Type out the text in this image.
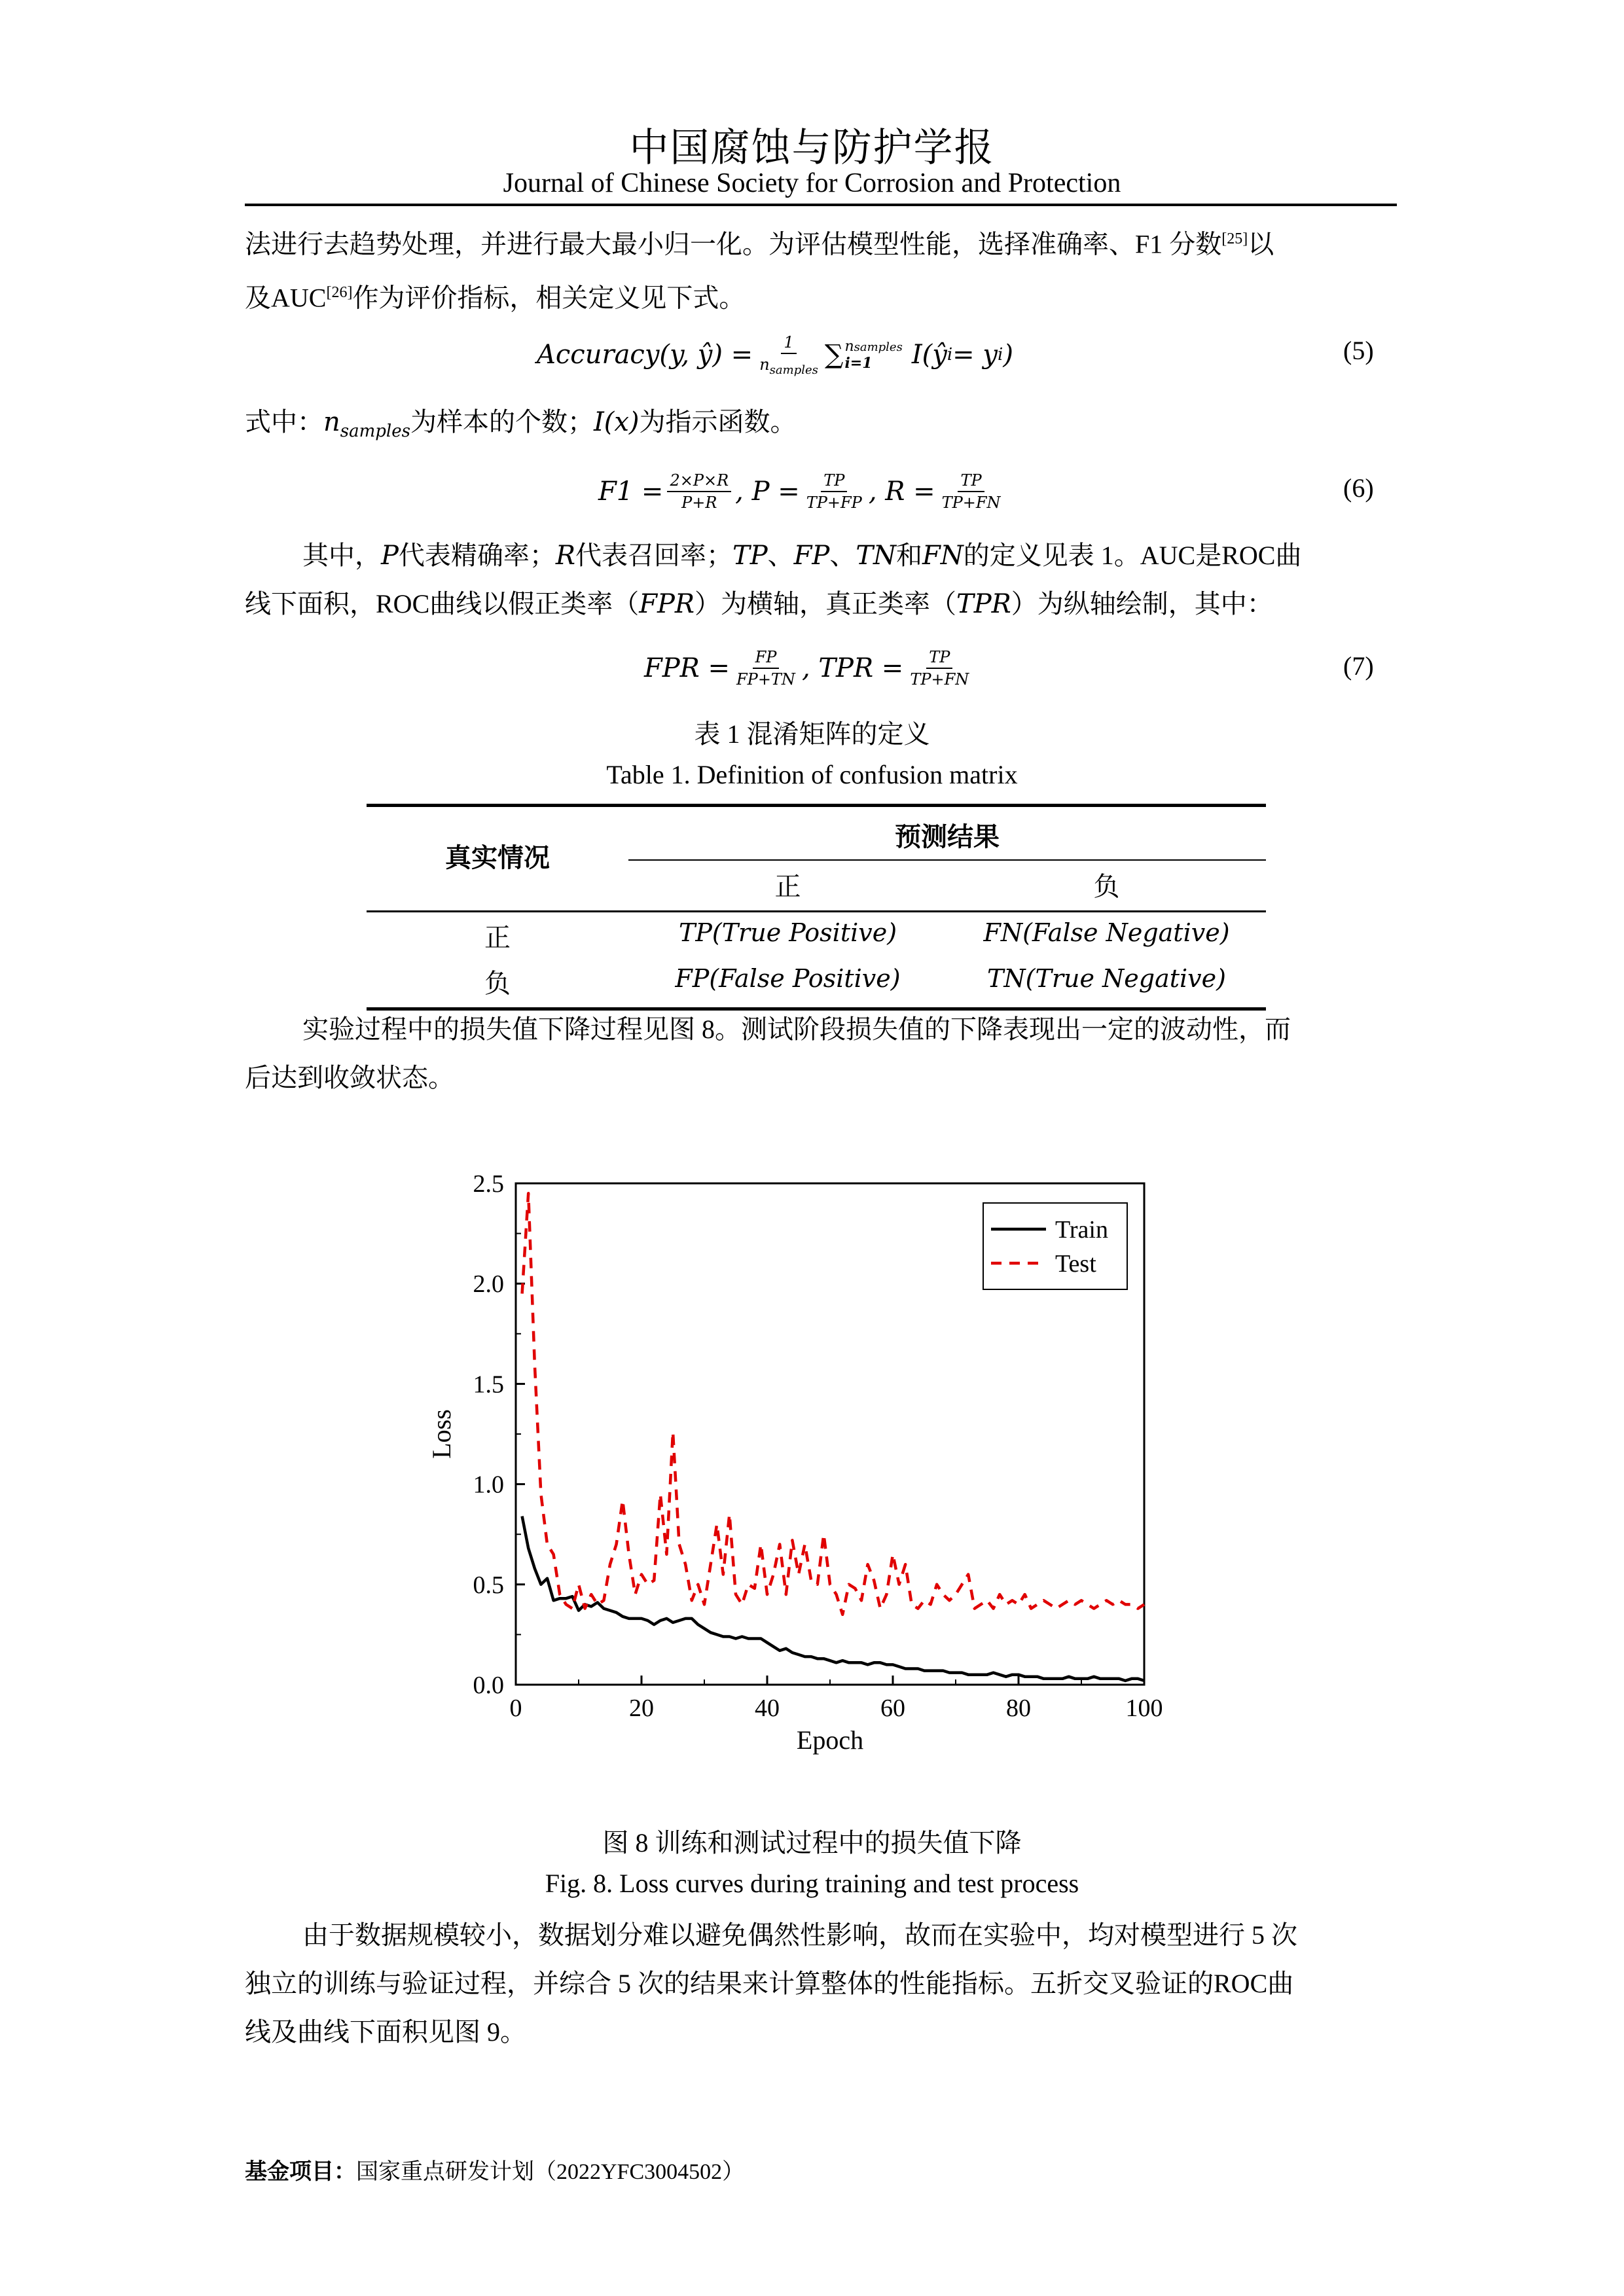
中国腐蚀与防护学报
Journal of Chinese Society for Corrosion and Protection

法进行去趋势处理，并进行最大最小归一化。为评估模型性能，选择准确率、F1 分数[25]以

及AUC[26]作为评价指标，相关定义见下式。

Accuracy(y, ŷ) = $\frac{1}{n_{samples}}$ ∑ nsamples
i=1	I(ŷ i = y i )	(5)

式中：$n_{samples}$为样本的个数；I(x)为指示函数。

$F1 = \frac{2\times P\times R}{P+R}$ , $P = \frac{TP}{TP+FP}$ , $R = \frac{TP}{TP+FN}$	(6)

其中，P代表精确率；R代表召回率；TP、FP、TN和FN的定义见表 1。AUC是ROC曲

线下面积，ROC曲线以假正类率（FPR）为横轴，真正类率（TPR）为纵轴绘制，其中：

FPR = $\frac{FP}{FP+TN}$ , TPR = $\frac{TP}{TP+FN}$	(7)
表 1 混淆矩阵的定义
Table 1. Definition of confusion matrix
真实情况
预测结果
正	负
正	TP(True Positive)	FN(False Negative)
负	FP(False Positive)	TN(True Negative)

实验过程中的损失值下降过程见图 8。测试阶段损失值的下降表现出一定的波动性，而

后达到收敛状态。

0	20	40	60	80	100
0.0
0.5
1.0
1.5
2.0
2.5
Epoch
Loss
Train
Test
图 8 训练和测试过程中的损失值下降
Fig. 8. Loss curves during training and test process

由于数据规模较小，数据划分难以避免偶然性影响，故而在实验中，均对模型进行 5 次

独立的训练与验证过程，并综合 5 次的结果来计算整体的性能指标。五折交叉验证的ROC曲

线及曲线下面积见图 9。

基金项目：国家重点研发计划（2022YFC3004502）
